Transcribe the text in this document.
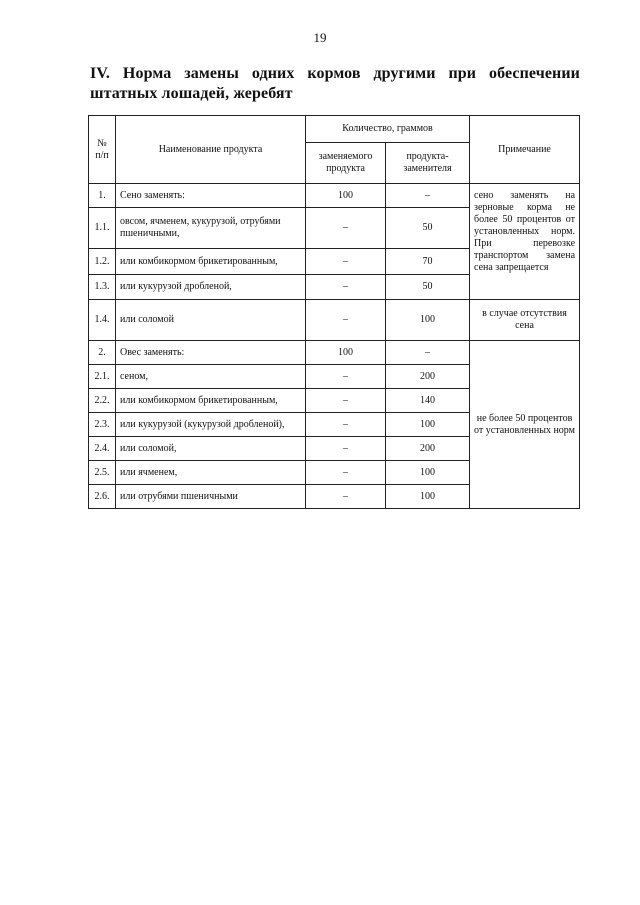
19
IV. Норма замены одних кормов другими при обеспечении штатных лошадей, жеребят
№ п/п	Наименование продукта	Количество, граммов		Примечание
		заменяемого продукта	продукта-заменителя	
1.	Сено заменять:	100	–	сено заменять на зерновые корма не более 50 процентов от установленных норм. При перевозке транспортом замена сена запрещается
1.1.	овсом, ячменем, кукурузой, отрубями пшеничными,	–	50	
1.2.	или комбикормом брикетированным,	–	70	
1.3.	или кукурузой дробленой,	–	50	
1.4.	или соломой	–	100	в случае отсутствия сена
2.	Овес заменять:	100	–	не более 50 процентов от установленных норм
2.1.	сеном,	–	200	
2.2.	или комбикормом брикетированным,	–	140	
2.3.	или кукурузой (кукурузой дробленой),	–	100	
2.4.	или соломой,	–	200	
2.5.	или ячменем,	–	100	
2.6.	или отрубями пшеничными	–	100	
